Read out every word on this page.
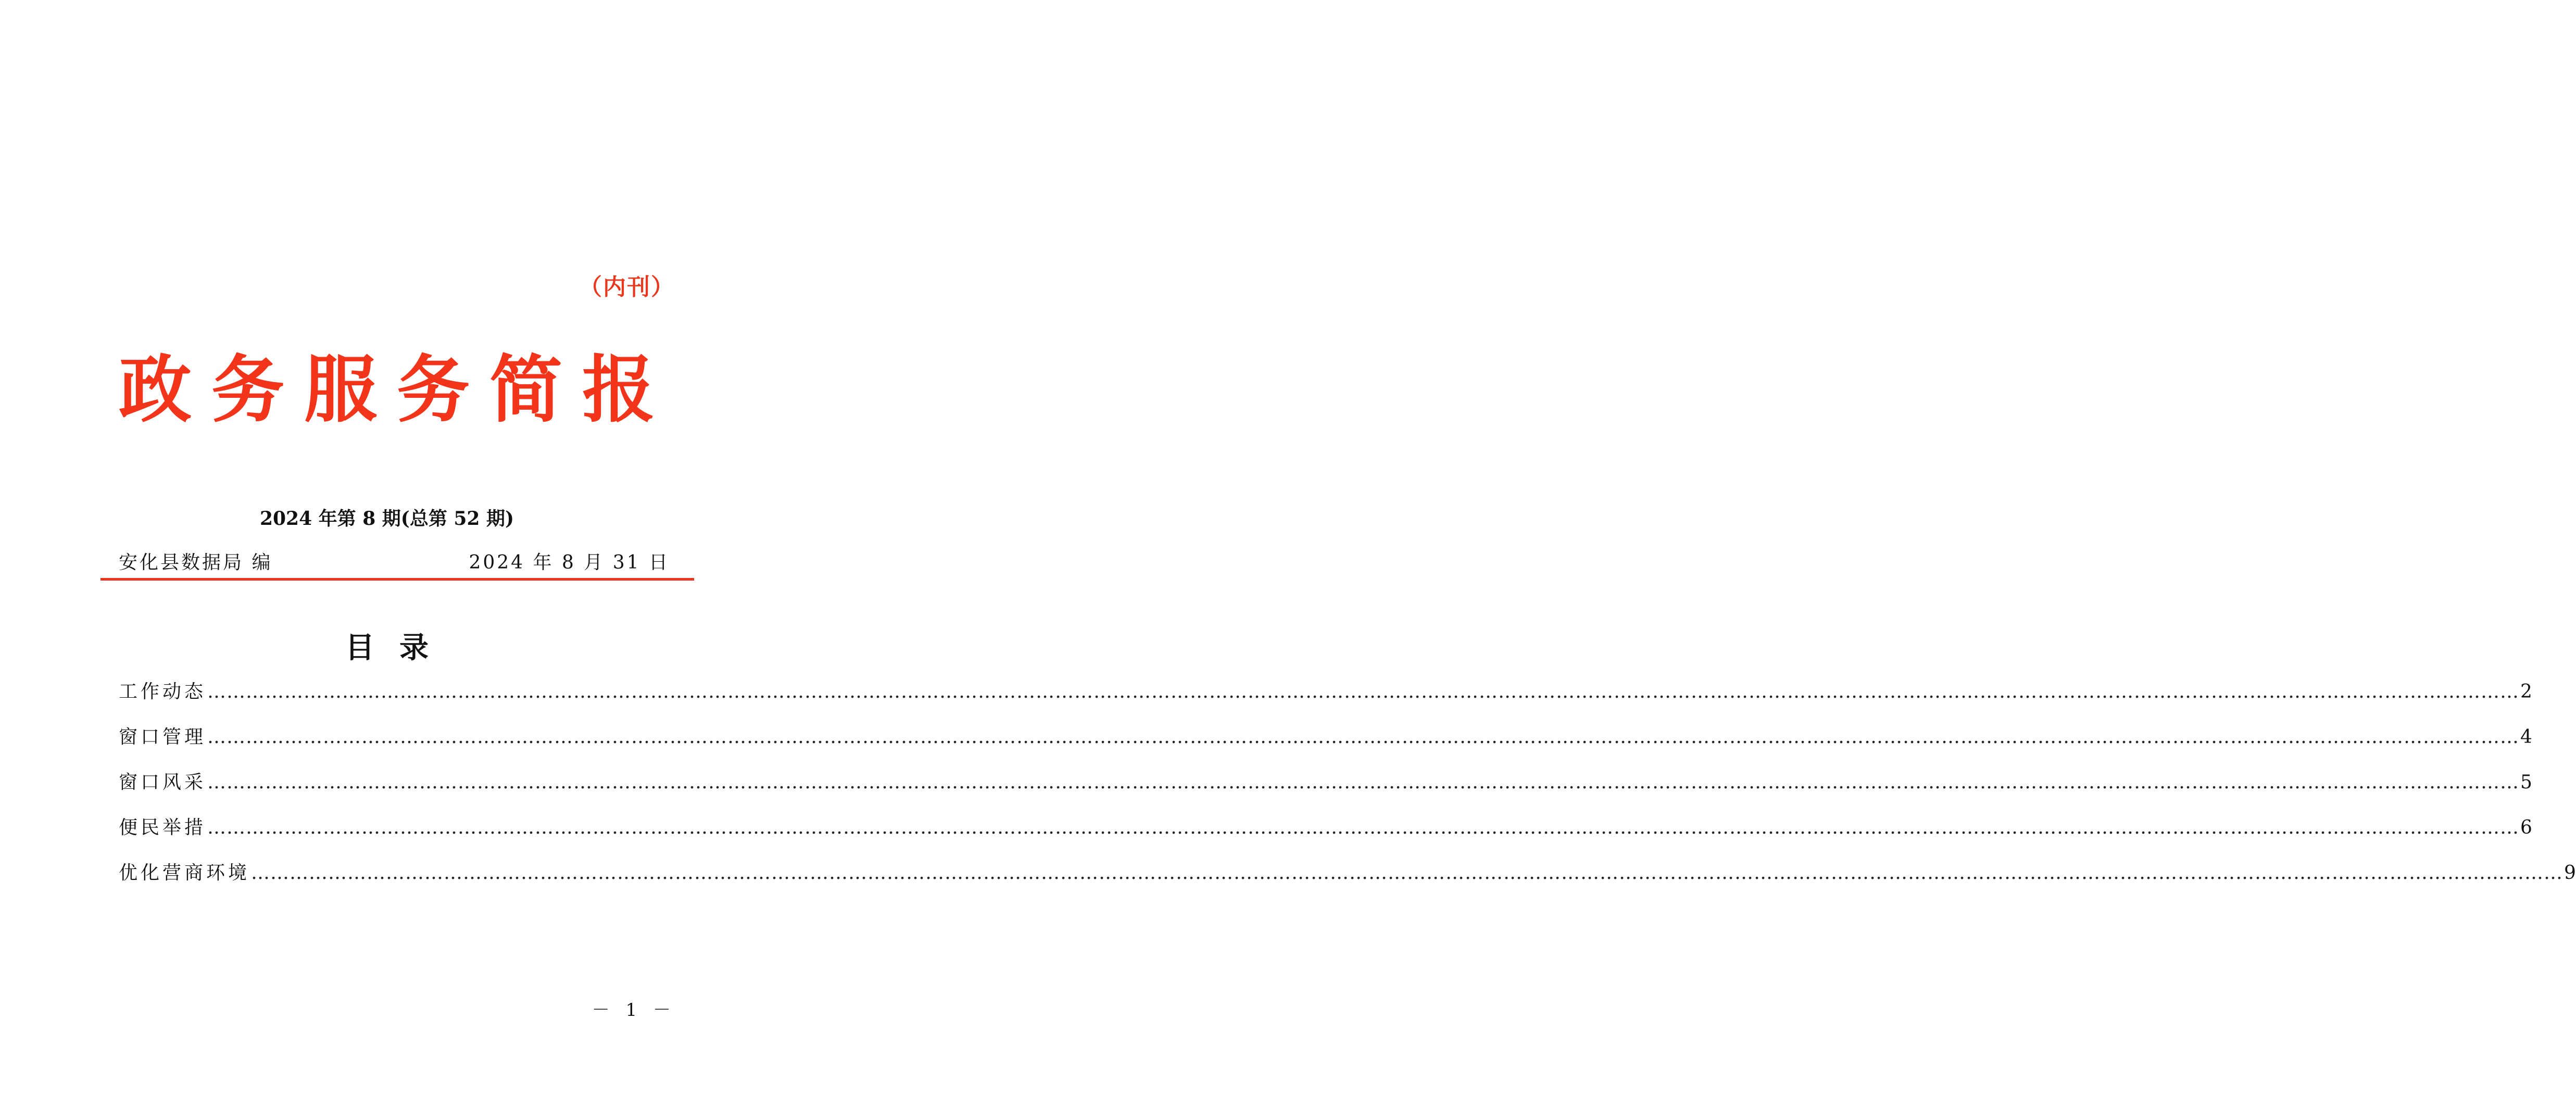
（内刊）
政务服务简报
2024 年第 8 期(总第 52 期)
安化县数据局 编	2024 年 8 月 31 日
目录
工作动态 ……………………………………………………………………………………………………………………………………………………………………………………………………………………………………………………………………………………………………………………………… 2
窗口管理 ……………………………………………………………………………………………………………………………………………………………………………………………………………………………………………………………………………………………………………………………… 4
窗口风采 ……………………………………………………………………………………………………………………………………………………………………………………………………………………………………………………………………………………………………………………………… 5
便民举措 ……………………………………………………………………………………………………………………………………………………………………………………………………………………………………………………………………………………………………………………………… 6
优化营商环境 ……………………………………………………………………………………………………………………………………………………………………………………………………………………………………………………………………………………………………………………………… 9
－ 1 －
